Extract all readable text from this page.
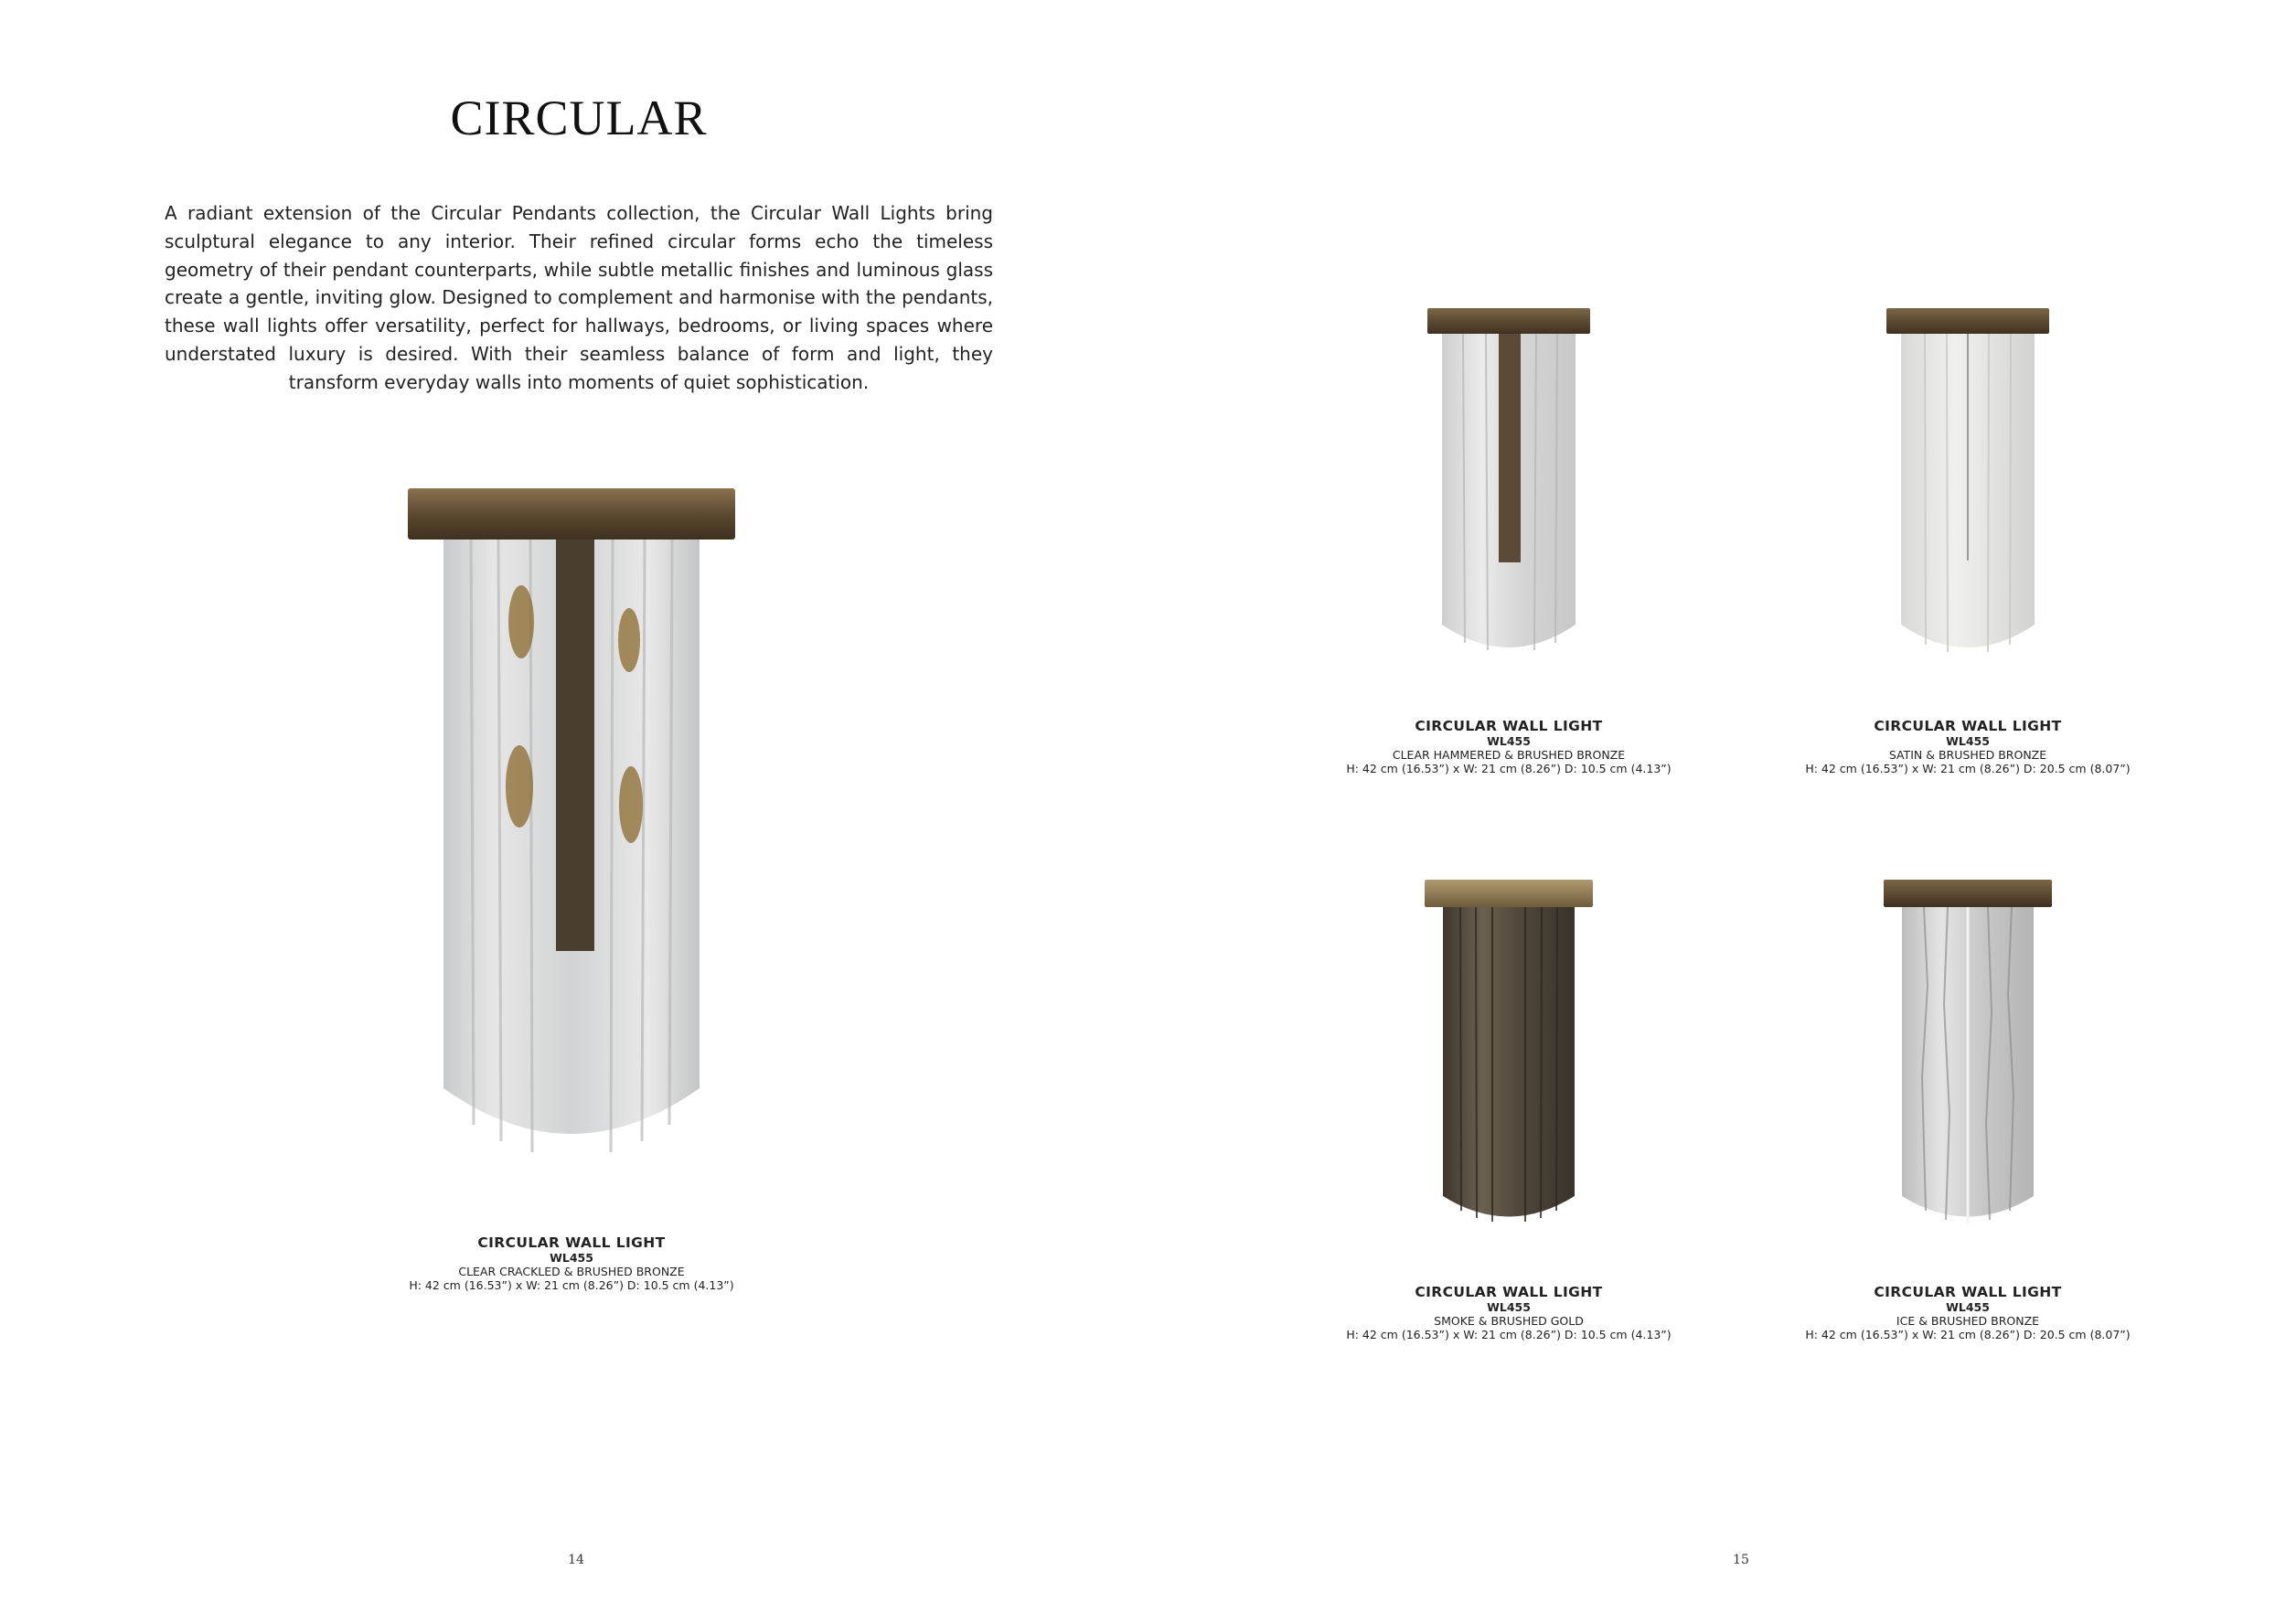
CIRCULAR
A radiant extension of the Circular Pendants collection, the Circular Wall Lights bring sculptural elegance to any interior. Their refined circular forms echo the timeless geometry of their pendant counterparts, while subtle metallic finishes and luminous glass create a gentle, inviting glow. Designed to complement and harmonise with the pendants, these wall lights offer versatility, perfect for hallways, bedrooms, or living spaces where understated luxury is desired. With their seamless balance of form and light, they transform everyday walls into moments of quiet sophistication.
CIRCULAR WALL LIGHT
WL455
CLEAR CRACKLED & BRUSHED BRONZE
H: 42 cm (16.53”) x W: 21 cm (8.26”) D: 10.5 cm (4.13”)
CIRCULAR WALL LIGHT
WL455
CLEAR HAMMERED & BRUSHED BRONZE
H: 42 cm (16.53”) x W: 21 cm (8.26”) D: 10.5 cm (4.13”)
CIRCULAR WALL LIGHT
WL455
SATIN & BRUSHED BRONZE
H: 42 cm (16.53”) x W: 21 cm (8.26”) D: 20.5 cm (8.07”)
CIRCULAR WALL LIGHT
WL455
SMOKE & BRUSHED GOLD
H: 42 cm (16.53”) x W: 21 cm (8.26”) D: 10.5 cm (4.13”)
CIRCULAR WALL LIGHT
WL455
ICE & BRUSHED BRONZE
H: 42 cm (16.53”) x W: 21 cm (8.26”) D: 20.5 cm (8.07”)
14	15
